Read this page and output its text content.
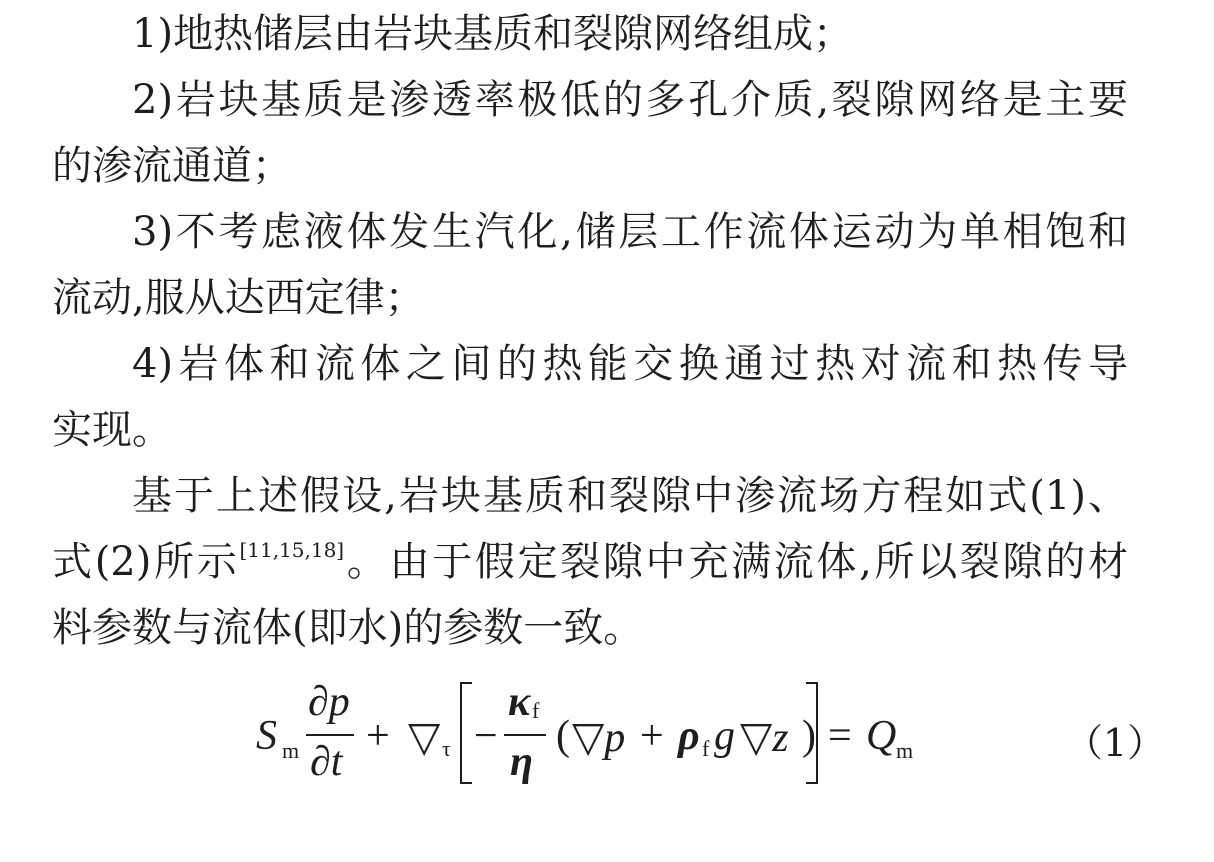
1)地热储层由岩块基质和裂隙网络组成；
2)岩块基质是渗透率极低的多孔介质,裂隙网络是主要
的渗流通道；
3)不考虑液体发生汽化,储层工作流体运动为单相饱和
流动,服从达西定律；
4)岩体和流体之间的热能交换通过热对流和热传导
实现。
基于上述假设,岩块基质和裂隙中渗流场方程如式(1)、
式(2)所示[11,15,18]。由于假定裂隙中充满流体,所以裂隙的材
料参数与流体(即水)的参数一致。
S m
∂p
∂t
+ ▽ τ −
κ f
η
( ▽p + ρ f g ▽z ) = Q m	（1）
